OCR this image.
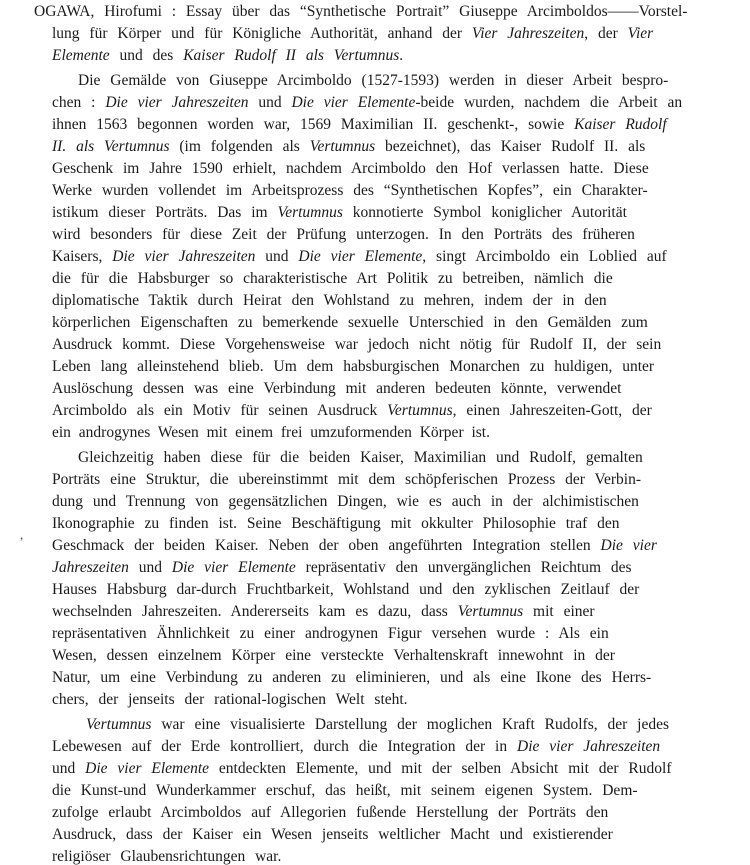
,
OGAWA, Hirofumi : Essay über das “Synthetische Portrait” Giuseppe Arcimboldos——Vorstel-
lung für Körper und für Königliche Authorität, anhand der Vier Jahreszeiten, der Vier
Elemente und des Kaiser Rudolf II als Vertumnus.
Die Gemälde von Giuseppe Arcimboldo (1527-1593) werden in dieser Arbeit bespro-
chen : Die vier Jahreszeiten und Die vier Elemente-beide wurden, nachdem die Arbeit an
ihnen 1563 begonnen worden war, 1569 Maximilian II. geschenkt-, sowie Kaiser Rudolf
II. als Vertumnus (im folgenden als Vertumnus bezeichnet), das Kaiser Rudolf II. als
Geschenk im Jahre 1590 erhielt, nachdem Arcimboldo den Hof verlassen hatte. Diese
Werke wurden vollendet im Arbeitsprozess des “Synthetischen Kopfes”, ein Charakter-
istikum dieser Porträts. Das im Vertumnus konnotierte Symbol koniglicher Autorität
wird besonders für diese Zeit der Prüfung unterzogen. In den Porträts des früheren
Kaisers, Die vier Jahreszeiten und Die vier Elemente, singt Arcimboldo ein Loblied auf
die für die Habsburger so charakteristische Art Politik zu betreiben, nämlich die
diplomatische Taktik durch Heirat den Wohlstand zu mehren, indem der in den
körperlichen Eigenschaften zu bemerkende sexuelle Unterschied in den Gemälden zum
Ausdruck kommt. Diese Vorgehensweise war jedoch nicht nötig für Rudolf II, der sein
Leben lang alleinstehend blieb. Um dem habsburgischen Monarchen zu huldigen, unter
Auslöschung dessen was eine Verbindung mit anderen bedeuten könnte, verwendet
Arcimboldo als ein Motiv für seinen Ausdruck Vertumnus, einen Jahreszeiten-Gott, der
ein androgynes Wesen mit einem frei umzuformenden Körper ist.
Gleichzeitig haben diese für die beiden Kaiser, Maximilian und Rudolf, gemalten
Porträts eine Struktur, die ubereinstimmt mit dem schöpferischen Prozess der Verbin-
dung und Trennung von gegensätzlichen Dingen, wie es auch in der alchimistischen
Ikonographie zu finden ist. Seine Beschäftigung mit okkulter Philosophie traf den
Geschmack der beiden Kaiser. Neben der oben angeführten Integration stellen Die vier
Jahreszeiten und Die vier Elemente repräsentativ den unvergänglichen Reichtum des
Hauses Habsburg dar-durch Fruchtbarkeit, Wohlstand und den zyklischen Zeitlauf der
wechselnden Jahreszeiten. Andererseits kam es dazu, dass Vertumnus mit einer
repräsentativen Ähnlichkeit zu einer androgynen Figur versehen wurde : Als ein
Wesen, dessen einzelnem Körper eine versteckte Verhaltenskraft innewohnt in der
Natur, um eine Verbindung zu anderen zu eliminieren, und als eine Ikone des Herrs-
chers, der jenseits der rational-logischen Welt steht.
Vertumnus war eine visualisierte Darstellung der moglichen Kraft Rudolfs, der jedes
Lebewesen auf der Erde kontrolliert, durch die Integration der in Die vier Jahreszeiten
und Die vier Elemente entdeckten Elemente, und mit der selben Absicht mit der Rudolf
die Kunst-und Wunderkammer erschuf, das heißt, mit seinem eigenen System. Dem-
zufolge erlaubt Arcimboldos auf Allegorien fußende Herstellung der Porträts den
Ausdruck, dass der Kaiser ein Wesen jenseits weltlicher Macht und existierender
religiöser Glaubensrichtungen war.
